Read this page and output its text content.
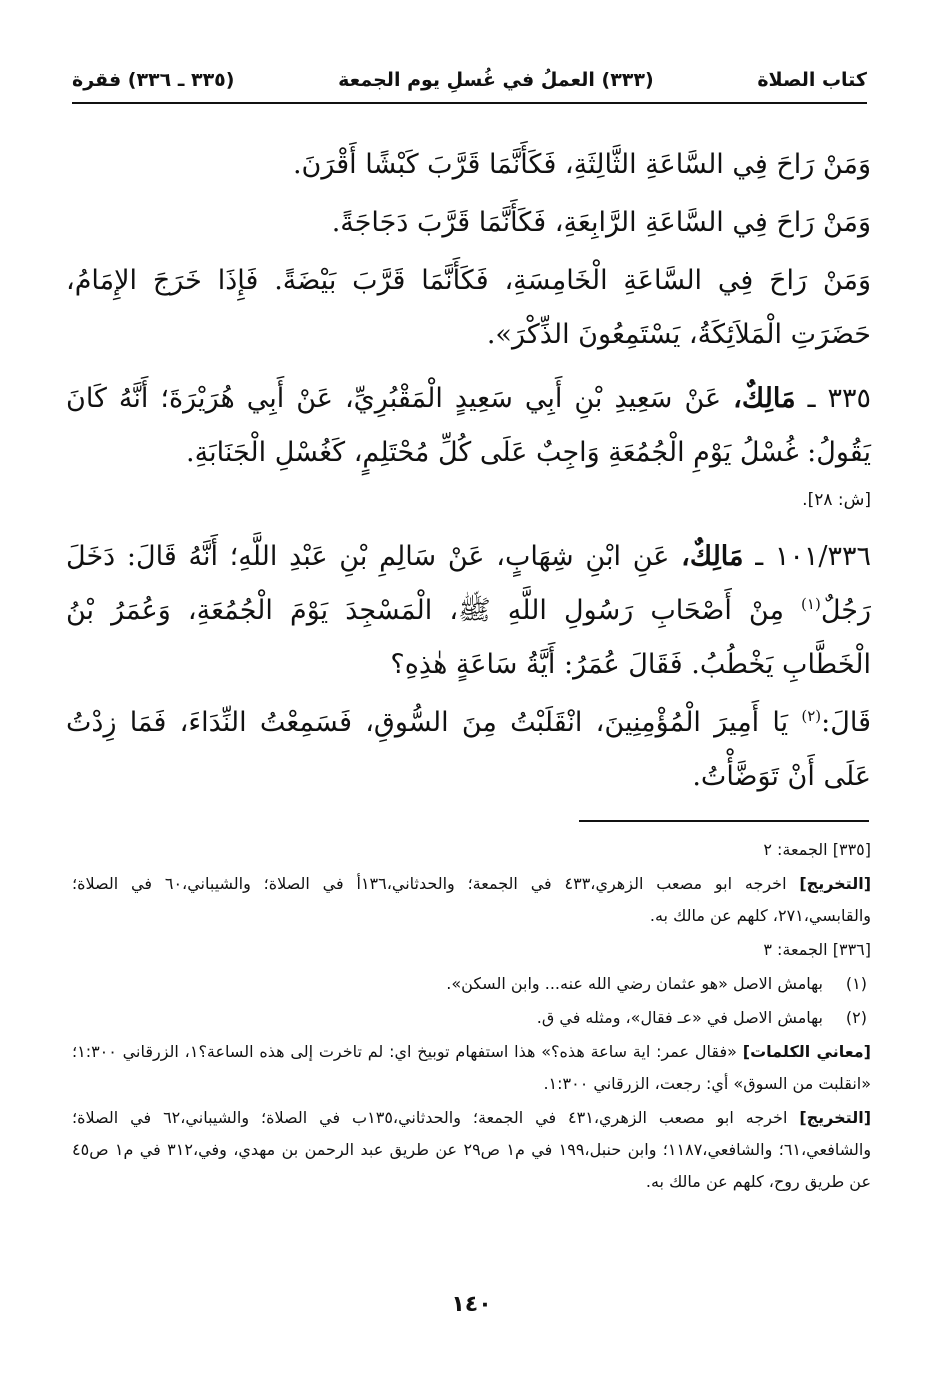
كتاب الصلاة
(٣٣٣) العملُ في غُسلِ يوم الجمعة
(٣٣٥ ـ ٣٣٦) فقرة

وَمَنْ رَاحَ فِي السَّاعَةِ الثَّالِثَةِ، فَكَأَنَّمَا قَرَّبَ كَبْشًا أَقْرَنَ.

وَمَنْ رَاحَ فِي السَّاعَةِ الرَّابِعَةِ، فَكَأَنَّمَا قَرَّبَ دَجَاجَةً.

وَمَنْ رَاحَ فِي السَّاعَةِ الْخَامِسَةِ، فَكَأَنَّمَا قَرَّبَ بَيْضَةً. فَإِذَا خَرَجَ الإِمَامُ، حَضَرَتِ الْمَلاَئِكَةُ، يَسْتَمِعُونَ الذِّكْرَ».

٣٣٥ ـ مَالِكٌ، عَنْ سَعِيدِ بْنِ أَبِي سَعِيدٍ الْمَقْبُرِيِّ، عَنْ أَبِي هُرَيْرَةَ؛ أَنَّهُ كَانَ يَقُولُ: غُسْلُ يَوْمِ الْجُمُعَةِ وَاجِبٌ عَلَى كُلِّ مُحْتَلِمٍ، كَغُسْلِ الْجَنَابَةِ.
[ش: ٢٨].

١٠١/٣٣٦ ـ مَالِكٌ، عَنِ ابْنِ شِهَابٍ، عَنْ سَالِمِ بْنِ عَبْدِ اللَّهِ؛ أَنَّهُ قَالَ: دَخَلَ رَجُلٌ$^{(١)}$ مِنْ أَصْحَابِ رَسُولِ اللَّهِ ﷺ، الْمَسْجِدَ يَوْمَ الْجُمُعَةِ، وَعُمَرُ بْنُ الْخَطَّابِ يَخْطُبُ. فَقَالَ عُمَرُ: أَيَّةُ سَاعَةٍ هٰذِهِ؟

قَالَ:$^{(٢)}$ يَا أَمِيرَ الْمُؤْمِنِينَ، انْقَلَبْتُ مِنَ السُّوقِ، فَسَمِعْتُ النِّدَاءَ، فَمَا زِدْتُ عَلَى أَنْ تَوَضَّأْتُ.

[٣٣٥] الجمعة: ٢

[التخريج] اخرجه ابو مصعب الزهري،٤٣٣ في الجمعة؛ والحدثاني،١٣٦أ في الصلاة؛ والشيباني،٦٠ في الصلاة؛ والقابسي،٢٧١، كلهم عن مالك به.

[٣٣٦] الجمعة: ٣

(١)
بهامش الاصل «هو عثمان رضي الله عنه... وابن السكن».

(٢)
بهامش الاصل في «عـ فقال»، ومثله في ق.

[معاني الكلمات] «فقال عمر: اية ساعة هذه؟» هذا استفهام توبيخ اي: لم تاخرت إلى هذه الساعة؟١، الزرقاني ١:٣٠٠؛ «انقلبت من السوق» أي: رجعت، الزرقاني ١:٣٠٠.

[التخريج] اخرجه ابو مصعب الزهري،٤٣١ في الجمعة؛ والحدثاني،١٣٥ب في الصلاة؛ والشيباني،٦٢ في الصلاة؛ والشافعي،٦١؛ والشافعي،١١٨٧؛ وابن حنبل،١٩٩ في م١ ص٢٩ عن طريق عبد الرحمن بن مهدي، وفي،٣١٢ في م١ ص٤٥ عن طريق روح، كلهم عن مالك به.

١٤٠
